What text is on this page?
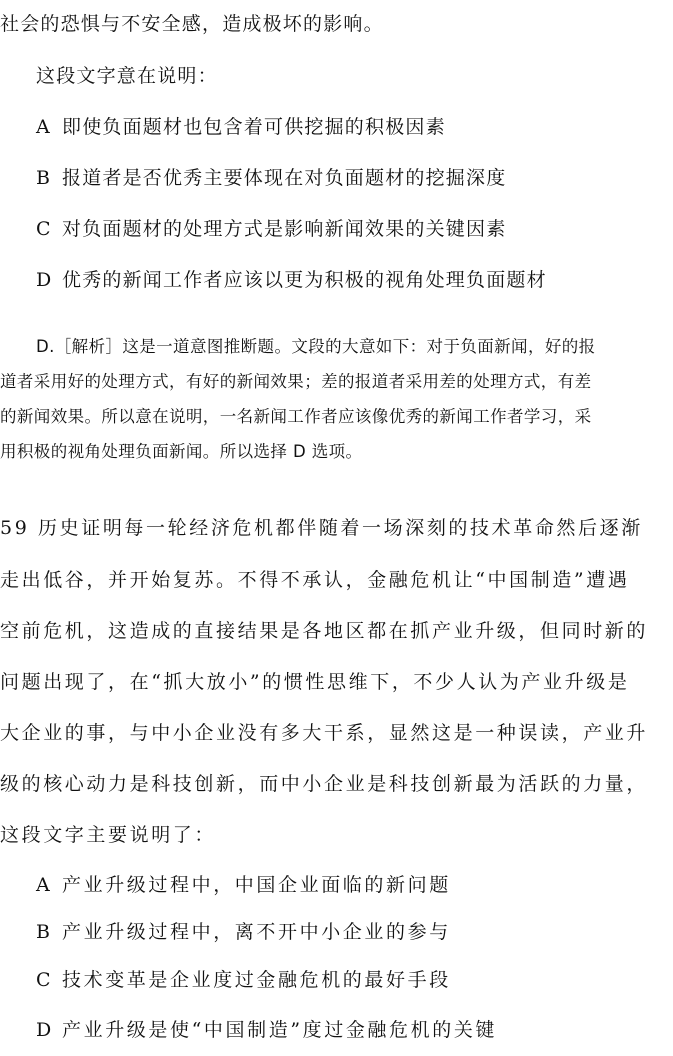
社会的恐惧与不安全感，造成极坏的影响。
这段文字意在说明：
A 即使负面题材也包含着可供挖掘的积极因素
B 报道者是否优秀主要体现在对负面题材的挖掘深度
C 对负面题材的处理方式是影响新闻效果的关键因素
D 优秀的新闻工作者应该以更为积极的视角处理负面题材
D.［解析］这是一道意图推断题。文段的大意如下：对于负面新闻，好的报
道者采用好的处理方式，有好的新闻效果；差的报道者采用差的处理方式，有差
的新闻效果。所以意在说明，一名新闻工作者应该像优秀的新闻工作者学习，采
用积极的视角处理负面新闻。所以选择 D 选项。
59 历史证明每一轮经济危机都伴随着一场深刻的技术革命然后逐渐
走出低谷，并开始复苏。不得不承认，金融危机让“中国制造”遭遇
空前危机，这造成的直接结果是各地区都在抓产业升级，但同时新的
问题出现了，在“抓大放小”的惯性思维下，不少人认为产业升级是
大企业的事，与中小企业没有多大干系，显然这是一种误读，产业升
级的核心动力是科技创新，而中小企业是科技创新最为活跃的力量，
这段文字主要说明了：
A 产业升级过程中，中国企业面临的新问题
B 产业升级过程中，离不开中小企业的参与
C 技术变革是企业度过金融危机的最好手段
D 产业升级是使“中国制造”度过金融危机的关键
